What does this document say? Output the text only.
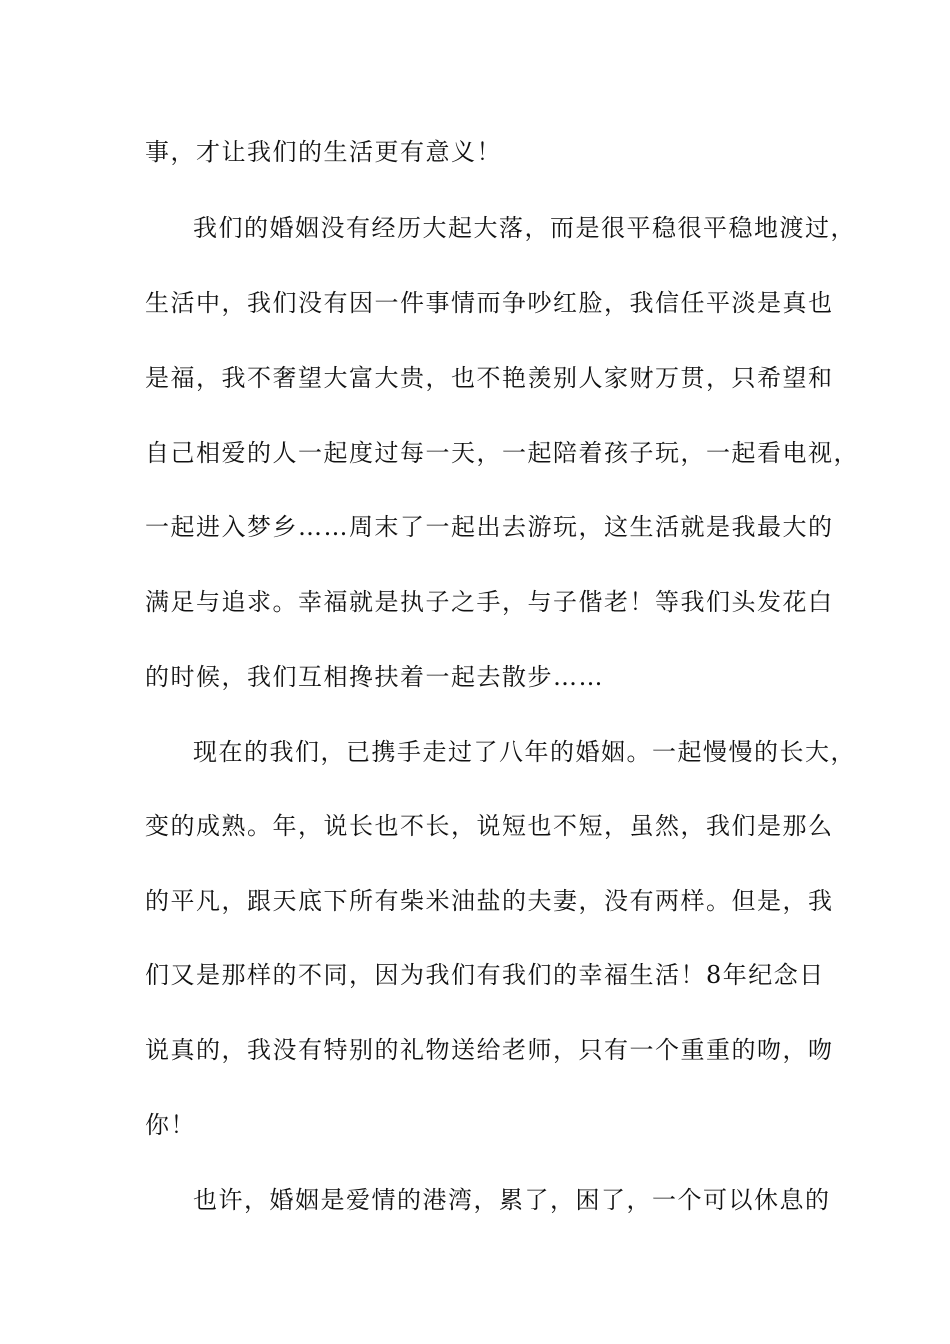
事，才让我们的生活更有意义！
我们的婚姻没有经历大起大落，而是很平稳很平稳地渡过，
生活中，我们没有因一件事情而争吵红脸，我信任平淡是真也
是福，我不奢望大富大贵，也不艳羡别人家财万贯，只希望和
自己相爱的人一起度过每一天，一起陪着孩子玩，一起看电视，
一起进入梦乡……周末了一起出去游玩，这生活就是我最大的
满足与追求。幸福就是执子之手，与子偕老！等我们头发花白
的时候，我们互相搀扶着一起去散步……
现在的我们，已携手走过了八年的婚姻。一起慢慢的长大，
变的成熟。年，说长也不长，说短也不短，虽然，我们是那么
的平凡，跟天底下所有柴米油盐的夫妻，没有两样。但是，我
们又是那样的不同，因为我们有我们的幸福生活！8年纪念日
说真的，我没有特别的礼物送给老师，只有一个重重的吻，吻
你！
也许，婚姻是爱情的港湾，累了，困了，一个可以休息的
